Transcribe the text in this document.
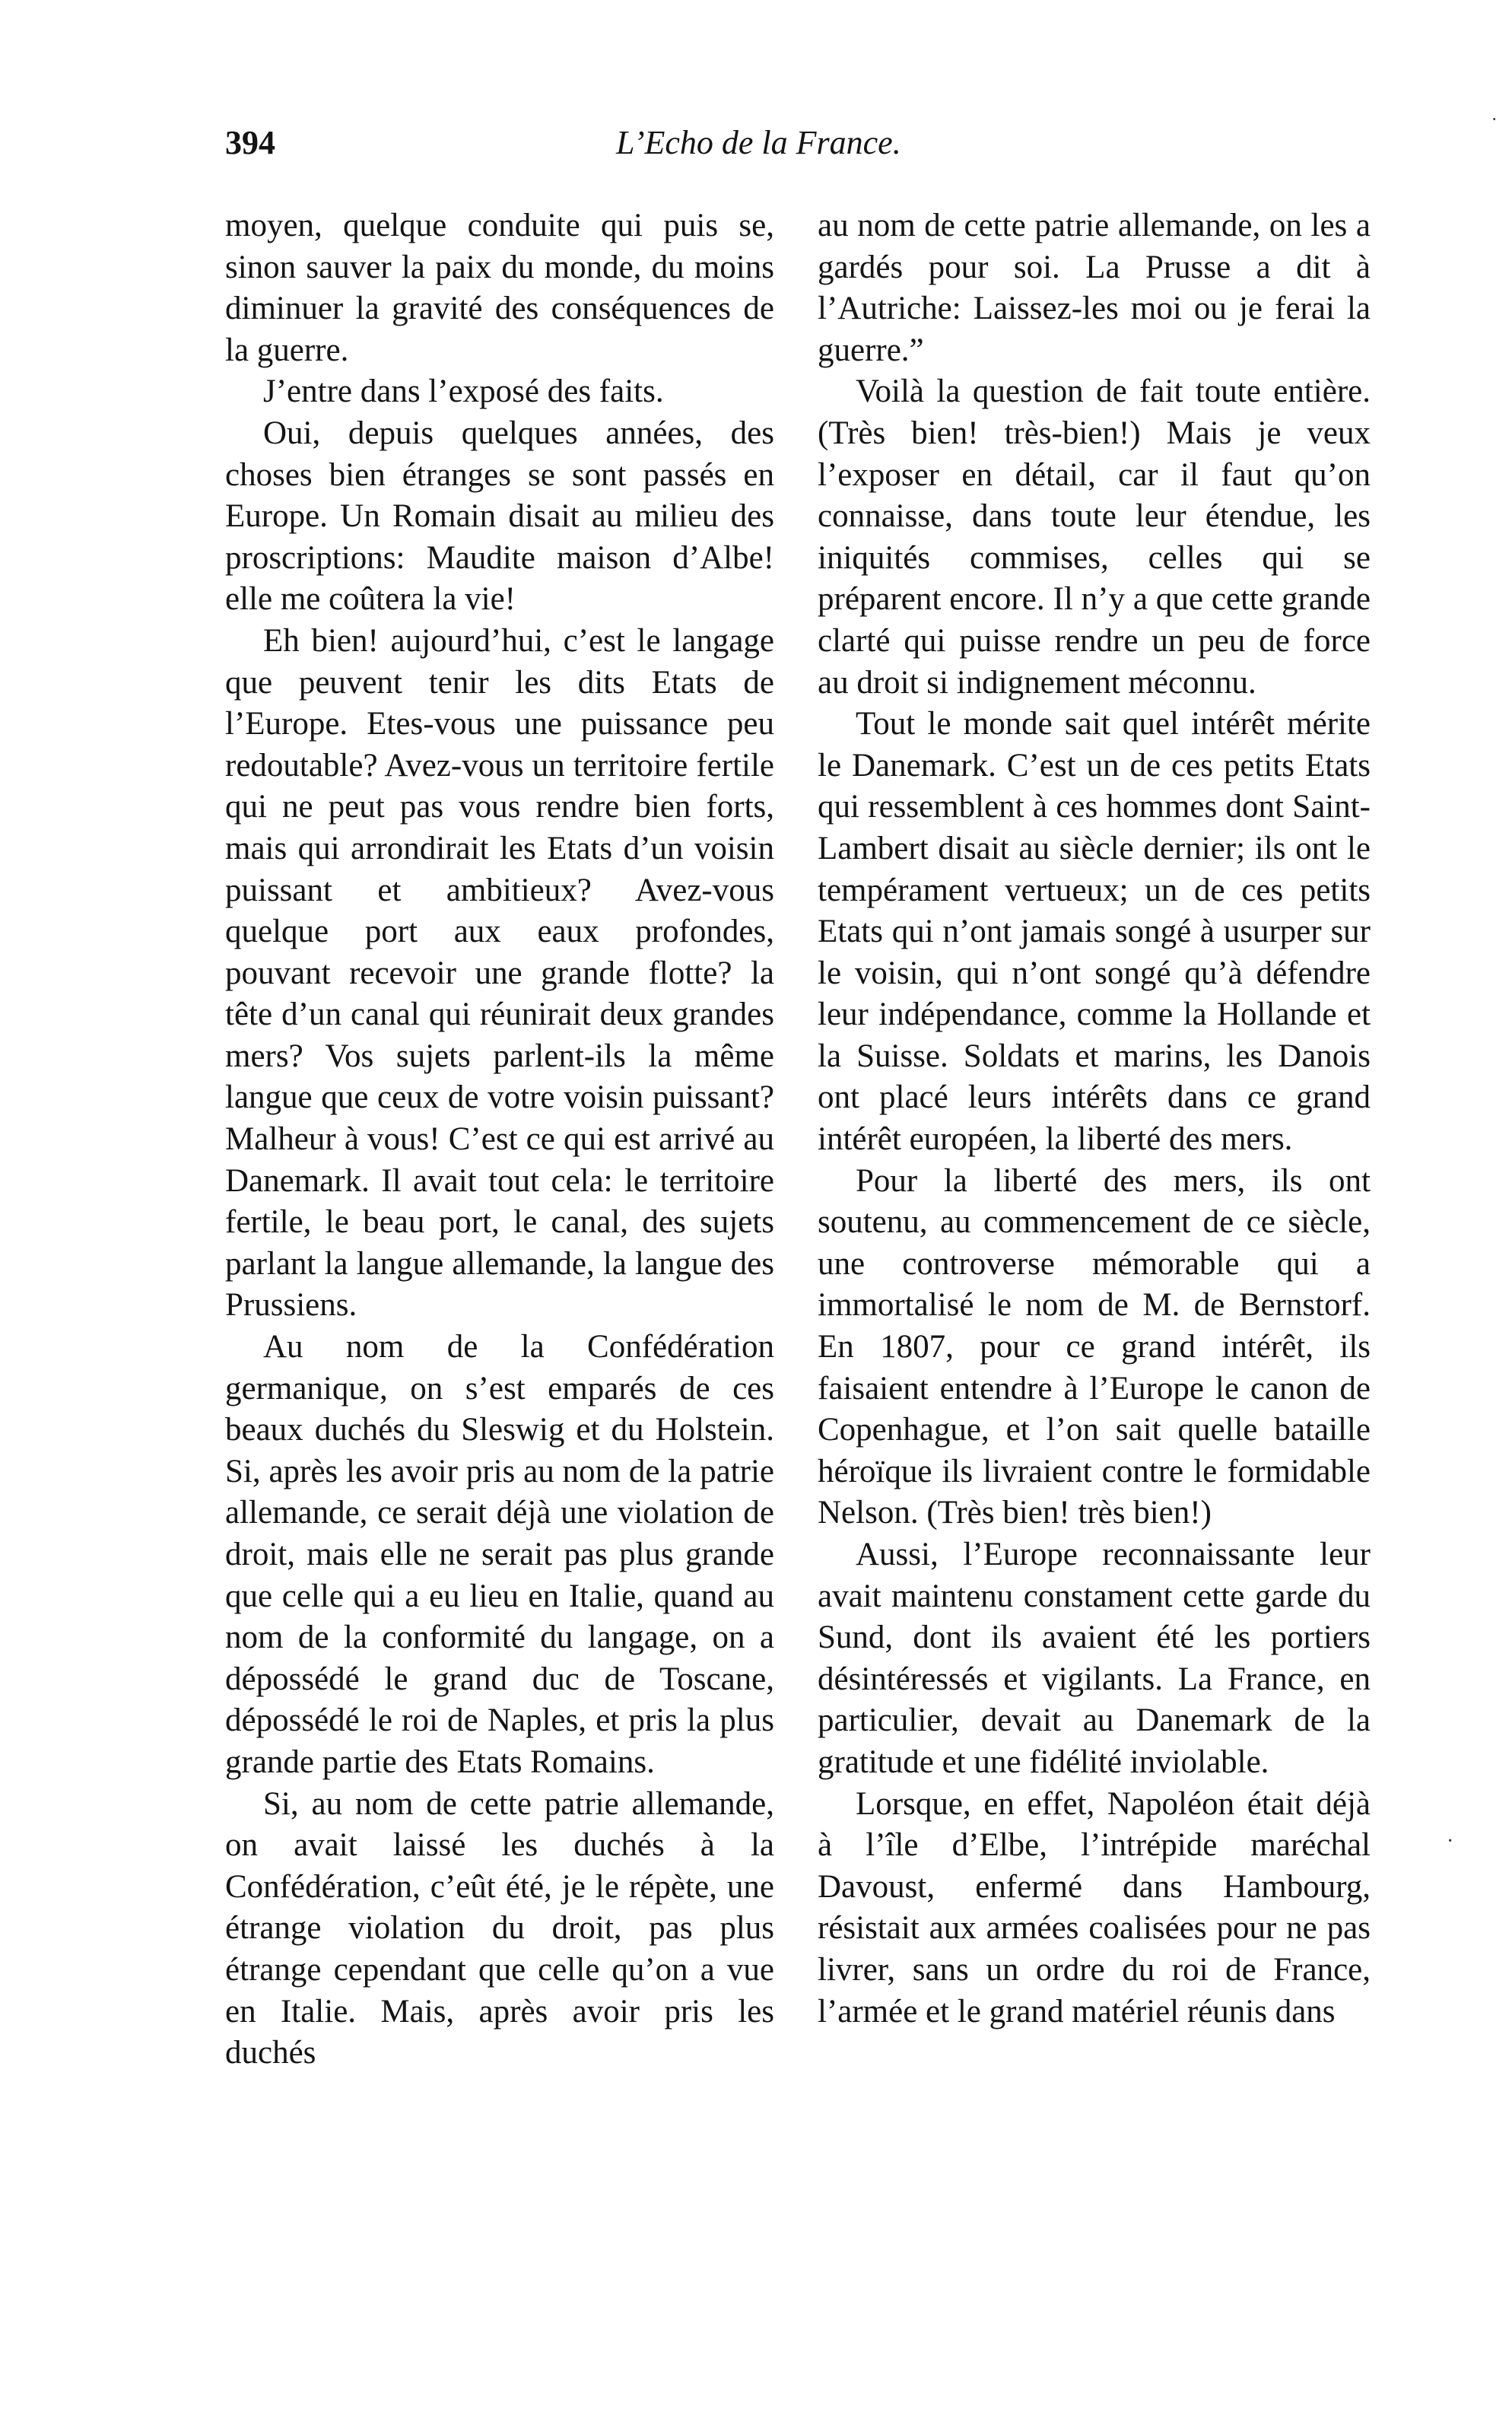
394	L’Echo de la France.

moyen, quelque conduite qui puis se, sinon sauver la paix du monde, du moins diminuer la gravité des conséquences de la guerre.

J’entre dans l’exposé des faits.

Oui, depuis quelques années, des choses bien étranges se sont passés en Europe. Un Romain disait au milieu des proscriptions: Maudite maison d’Albe! elle me coûtera la vie!

Eh bien! aujourd’hui, c’est le langage que peuvent tenir les dits Etats de l’Europe. Etes-vous une puissance peu redoutable? Avez-vous un territoire fertile qui ne peut pas vous rendre bien forts, mais qui arrondirait les Etats d’un voisin puissant et ambitieux? Avez-vous quelque port aux eaux profondes, pouvant recevoir une grande flotte? la tête d’un canal qui réunirait deux grandes mers? Vos sujets parlent-ils la même langue que ceux de votre voisin puissant? Malheur à vous! C’est ce qui est arrivé au Danemark. Il avait tout cela: le territoire fertile, le beau port, le canal, des sujets parlant la langue allemande, la langue des Prussiens.

Au nom de la Confédération germanique, on s’est emparés de ces beaux duchés du Sleswig et du Holstein. Si, après les avoir pris au nom de la patrie allemande, ce serait déjà une violation de droit, mais elle ne serait pas plus grande que celle qui a eu lieu en Italie, quand au nom de la conformité du langage, on a dépossédé le grand duc de Toscane, dépossédé le roi de Naples, et pris la plus grande partie des Etats Romains.

Si, au nom de cette patrie allemande, on avait laissé les duchés à la Confédération, c’eût été, je le répète, une étrange violation du droit, pas plus étrange cependant que celle qu’on a vue en Italie. Mais, après avoir pris les duchés

au nom de cette patrie allemande, on les a gardés pour soi. La Prusse a dit à l’Autriche: Laissez-les moi ou je ferai la guerre.”

Voilà la question de fait toute entière. (Très bien! très-bien!) Mais je veux l’exposer en détail, car il faut qu’on connaisse, dans toute leur étendue, les iniquités commises, celles qui se préparent encore. Il n’y a que cette grande clarté qui puisse rendre un peu de force au droit si indignement méconnu.

Tout le monde sait quel intérêt mérite le Danemark. C’est un de ces petits Etats qui ressemblent à ces hommes dont Saint-Lambert disait au siècle dernier; ils ont le tempérament vertueux; un de ces petits Etats qui n’ont jamais songé à usurper sur le voisin, qui n’ont songé qu’à défendre leur indépendance, comme la Hollande et la Suisse. Soldats et marins, les Danois ont placé leurs intérêts dans ce grand intérêt européen, la liberté des mers.

Pour la liberté des mers, ils ont soutenu, au commencement de ce siècle, une controverse mémorable qui a immortalisé le nom de M. de Bernstorf. En 1807, pour ce grand intérêt, ils faisaient entendre à l’Europe le canon de Copenhague, et l’on sait quelle bataille héroïque ils livraient contre le formidable Nelson. (Très bien! très bien!)

Aussi, l’Europe reconnaissante leur avait maintenu constament cette garde du Sund, dont ils avaient été les portiers désintéressés et vigilants. La France, en particulier, devait au Danemark de la gratitude et une fidélité inviolable.

Lorsque, en effet, Napoléon était déjà à l’île d’Elbe, l’intrépide maréchal Davoust, enfermé dans Hambourg, résistait aux armées coalisées pour ne pas livrer, sans un ordre du roi de France, l’armée et le grand matériel réunis dans

˙
·
